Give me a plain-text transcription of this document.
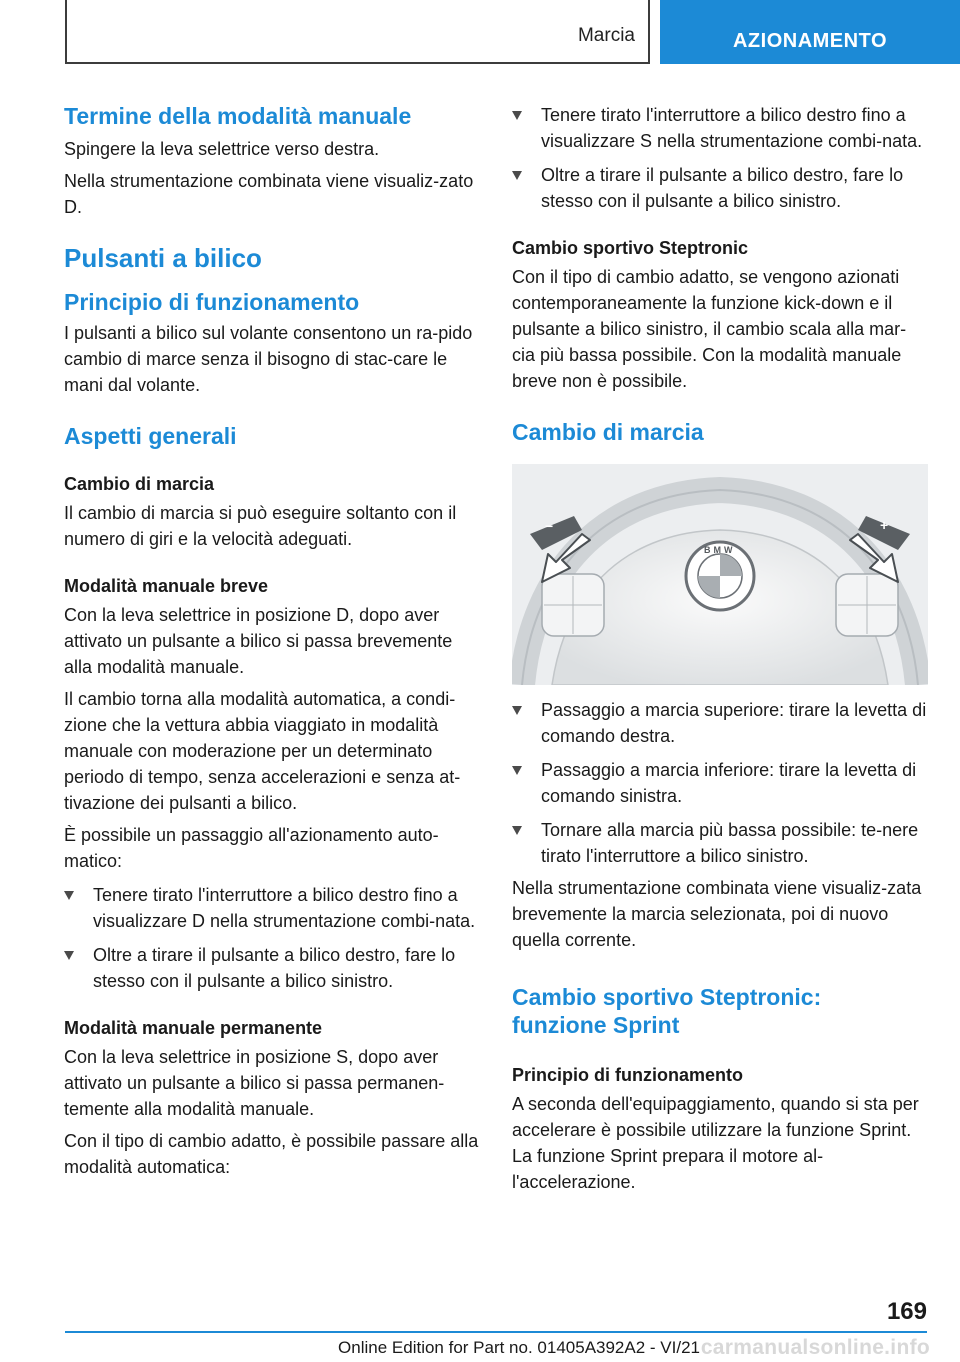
Marcia	AZIONAMENTO
Termine della modalità manuale
Spingere la leva selettrice verso destra.
Nella strumentazione combinata viene visualiz-zato D.
Pulsanti a bilico
Principio di funzionamento
I pulsanti a bilico sul volante consentono un ra-pido cambio di marce senza il bisogno di stac-care le mani dal volante.
Aspetti generali
Cambio di marcia
Il cambio di marcia si può eseguire soltanto con il numero di giri e la velocità adeguati.
Modalità manuale breve
Con la leva selettrice in posizione D, dopo aver attivato un pulsante a bilico si passa brevemente alla modalità manuale.
Il cambio torna alla modalità automatica, a condi-zione che la vettura abbia viaggiato in modalità manuale con moderazione per un determinato periodo di tempo, senza accelerazioni e senza at-tivazione dei pulsanti a bilico.
È possibile un passaggio all'azionamento auto-matico:
Tenere tirato l'interruttore a bilico destro fino a visualizzare D nella strumentazione combi-nata.
Oltre a tirare il pulsante a bilico destro, fare lo stesso con il pulsante a bilico sinistro.
Modalità manuale permanente
Con la leva selettrice in posizione S, dopo aver attivato un pulsante a bilico si passa permanen-temente alla modalità manuale.
Con il tipo di cambio adatto, è possibile passare alla modalità automatica:
Tenere tirato l'interruttore a bilico destro fino a visualizzare S nella strumentazione combi-nata.
Oltre a tirare il pulsante a bilico destro, fare lo stesso con il pulsante a bilico sinistro.
Cambio sportivo Steptronic
Con il tipo di cambio adatto, se vengono azionati contemporaneamente la funzione kick-down e il pulsante a bilico sinistro, il cambio scala alla mar-cia più bassa possibile. Con la modalità manuale breve non è possibile.
Cambio di marcia
−	+
BMW
Passaggio a marcia superiore: tirare la levetta di comando destra.
Passaggio a marcia inferiore: tirare la levetta di comando sinistra.
Tornare alla marcia più bassa possibile: te-nere tirato l'interruttore a bilico sinistro.
Nella strumentazione combinata viene visualiz-zata brevemente la marcia selezionata, poi di nuovo quella corrente.
Cambio sportivo Steptronic:
funzione Sprint
Principio di funzionamento
A seconda dell'equipaggiamento, quando si sta per accelerare è possibile utilizzare la funzione Sprint. La funzione Sprint prepara il motore al-l'accelerazione.
169
Online Edition for Part no. 01405A392A2 - VI/21 carmanualsonline.info
